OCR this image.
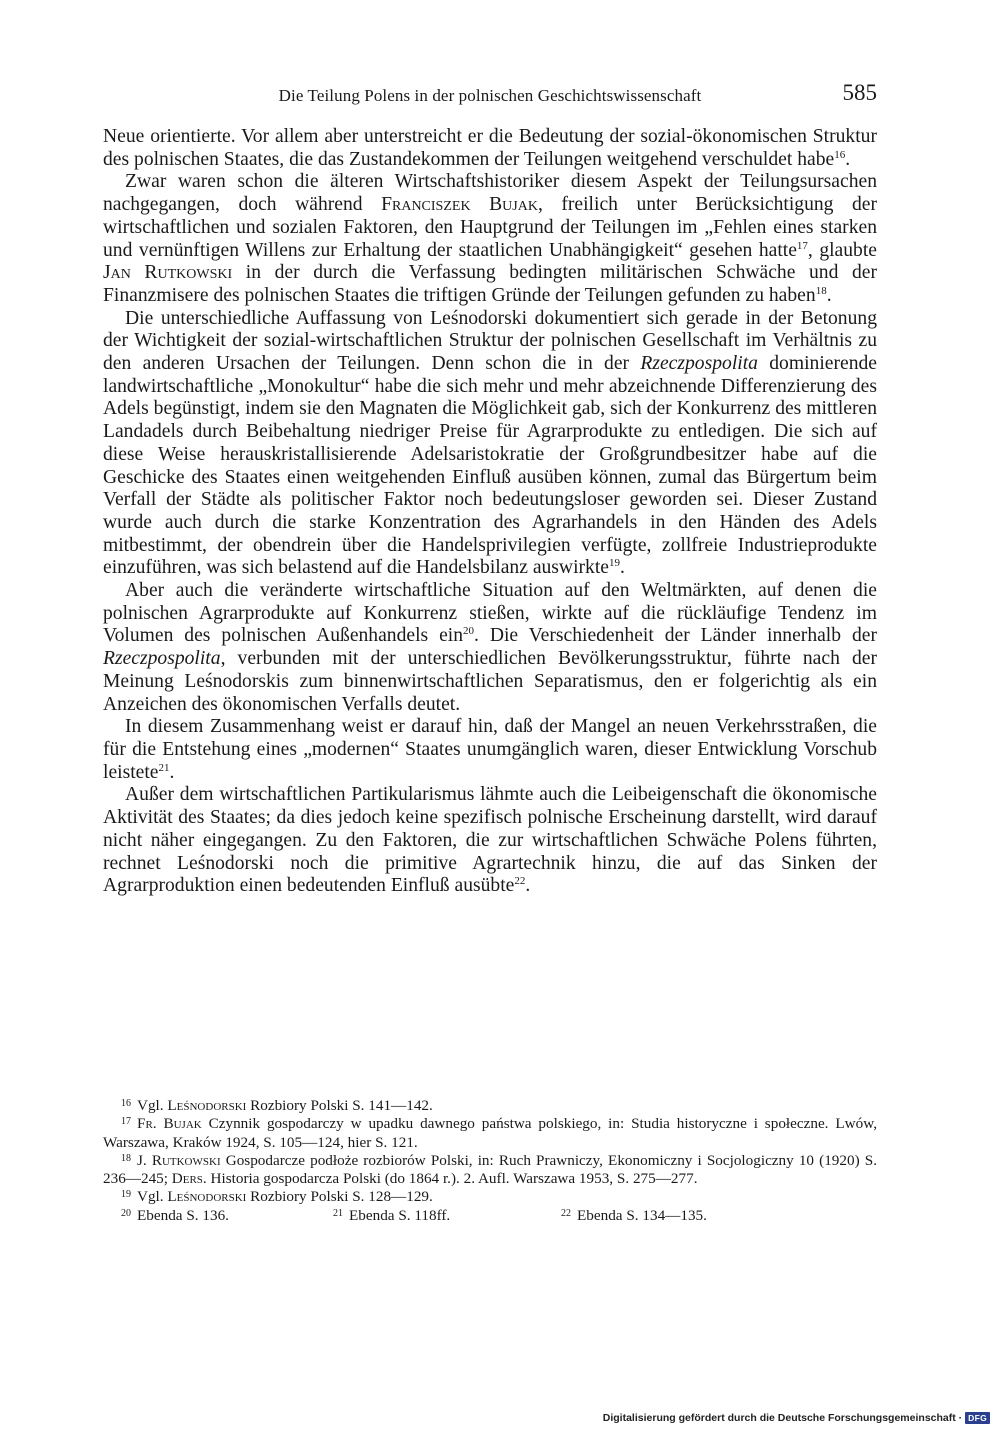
Die Teilung Polens in der polnischen Geschichtswissenschaft	585

Neue orientierte. Vor allem aber unterstreicht er die Bedeutung der sozial-ökonomischen Struktur des polnischen Staates, die das Zustandekommen der Teilungen weitgehend verschuldet habe$^{16}$.

Zwar waren schon die älteren Wirtschaftshistoriker diesem Aspekt der Teilungsursachen nachgegangen, doch während Franciszek Bujak, freilich unter Berücksichtigung der wirtschaftlichen und sozialen Faktoren, den Hauptgrund der Teilungen im „Fehlen eines starken und vernünftigen Willens zur Erhaltung der staatlichen Unabhängigkeit“ gesehen hatte$^{17}$, glaubte Jan Rutkowski in der durch die Verfassung bedingten militärischen Schwäche und der Finanzmisere des polnischen Staates die triftigen Gründe der Teilungen gefunden zu haben$^{18}$.

Die unterschiedliche Auffassung von Leśnodorski dokumentiert sich gerade in der Betonung der Wichtigkeit der sozial-wirtschaftlichen Struktur der polnischen Gesellschaft im Verhältnis zu den anderen Ursachen der Teilungen. Denn schon die in der Rzeczpospolita dominierende landwirtschaftliche „Monokultur“ habe die sich mehr und mehr abzeichnende Differenzierung des Adels begünstigt, indem sie den Magnaten die Möglichkeit gab, sich der Konkurrenz des mittleren Landadels durch Beibehaltung niedriger Preise für Agrarprodukte zu entledigen. Die sich auf diese Weise herauskristallisierende Adelsaristokratie der Großgrundbesitzer habe auf die Geschicke des Staates einen weitgehenden Einfluß ausüben können, zumal das Bürgertum beim Verfall der Städte als politischer Faktor noch bedeutungsloser geworden sei. Dieser Zustand wurde auch durch die starke Konzentration des Agrarhandels in den Händen des Adels mitbestimmt, der obendrein über die Handelsprivilegien verfügte, zollfreie Industrieprodukte einzuführen, was sich belastend auf die Handelsbilanz auswirkte$^{19}$.

Aber auch die veränderte wirtschaftliche Situation auf den Weltmärkten, auf denen die polnischen Agrarprodukte auf Konkurrenz stießen, wirkte auf die rückläufige Tendenz im Volumen des polnischen Außenhandels ein$^{20}$. Die Verschiedenheit der Länder innerhalb der Rzeczpospolita, verbunden mit der unterschiedlichen Bevölkerungsstruktur, führte nach der Meinung Leśnodorskis zum binnenwirtschaftlichen Separatismus, den er folgerichtig als ein Anzeichen des ökonomischen Verfalls deutet.

In diesem Zusammenhang weist er darauf hin, daß der Mangel an neuen Verkehrsstraßen, die für die Entstehung eines „modernen“ Staates unumgänglich waren, dieser Entwicklung Vorschub leistete$^{21}$.

Außer dem wirtschaftlichen Partikularismus lähmte auch die Leibeigenschaft die ökonomische Aktivität des Staates; da dies jedoch keine spezifisch polnische Erscheinung darstellt, wird darauf nicht näher eingegangen. Zu den Faktoren, die zur wirtschaftlichen Schwäche Polens führten, rechnet Leśnodorski noch die primitive Agrartechnik hinzu, die auf das Sinken der Agrarproduktion einen bedeutenden Einfluß ausübte$^{22}$.

$^{16}$ Vgl. Leśnodorski Rozbiory Polski S. 141—142.

$^{17}$ Fr. Bujak Czynnik gospodarczy w upadku dawnego państwa polskiego, in: Studia historyczne i społeczne. Lwów, Warszawa, Kraków 1924, S. 105—124, hier S. 121.

$^{18}$ J. Rutkowski Gospodarcze podłoże rozbiorów Polski, in: Ruch Prawniczy, Ekonomiczny i Socjologiczny 10 (1920) S. 236—245; Ders. Historia gospodarcza Polski (do 1864 r.). 2. Aufl. Warszawa 1953, S. 275—277.

$^{19}$ Vgl. Leśnodorski Rozbiory Polski S. 128—129.

$^{20}$ Ebenda S. 136.	$^{21}$ Ebenda S. 118ff.	$^{22}$ Ebenda S. 134—135.
Digitalisierung gefördert durch die Deutsche Forschungsgemeinschaft · DFG
